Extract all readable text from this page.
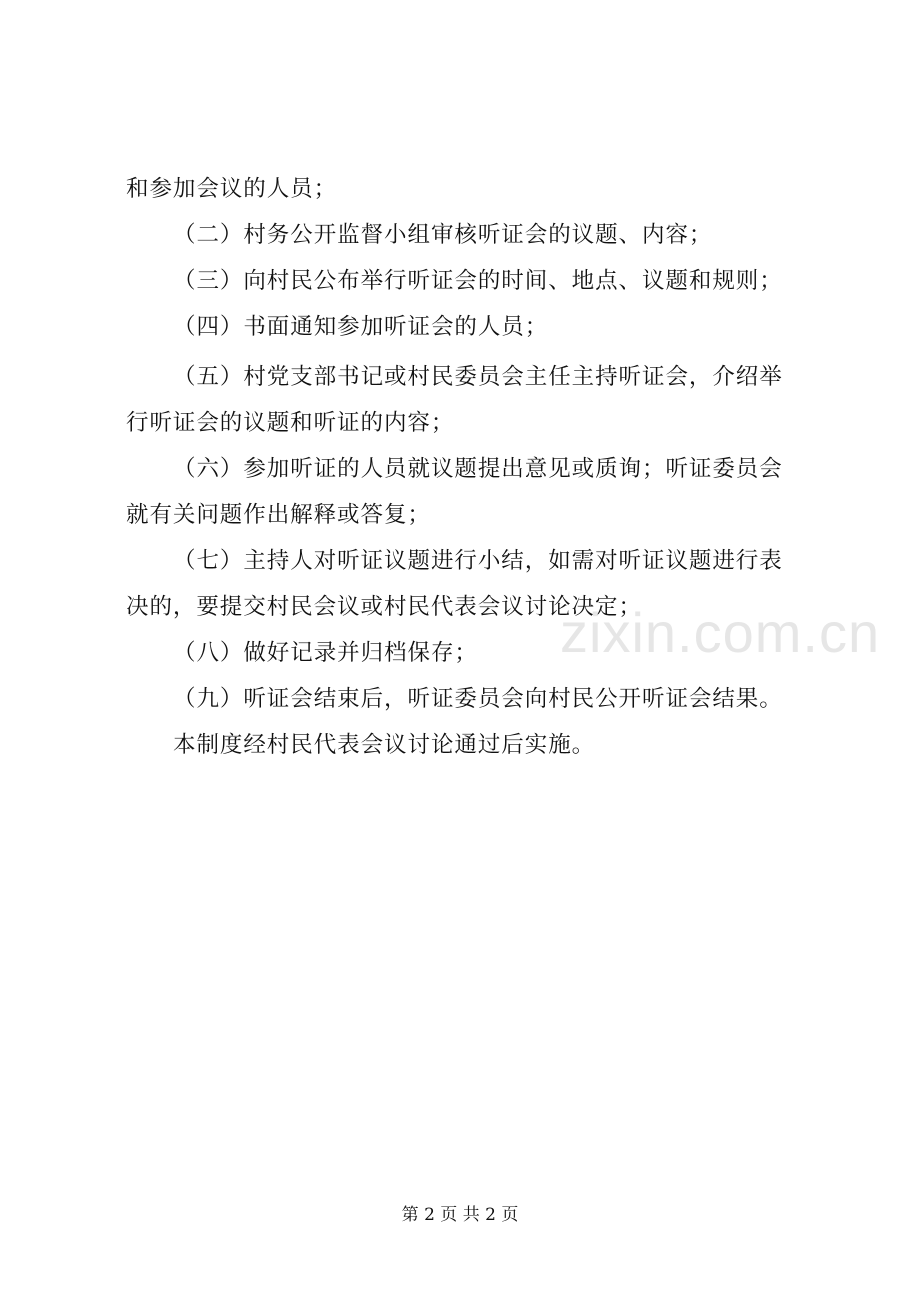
和参加会议的人员；
（二）村务公开监督小组审核听证会的议题、内容；
（三）向村民公布举行听证会的时间、地点、议题和规则；
（四）书面通知参加听证会的人员；
（五）村党支部书记或村民委员会主任主持听证会，介绍举
行听证会的议题和听证的内容；
（六）参加听证的人员就议题提出意见或质询；听证委员会
就有关问题作出解释或答复；
（七）主持人对听证议题进行小结，如需对听证议题进行表
决的，要提交村民会议或村民代表会议讨论决定；
（八）做好记录并归档保存；
（九）听证会结束后，听证委员会向村民公开听证会结果。
本制度经村民代表会议讨论通过后实施。
zixin.com.cn
第 2 页 共 2 页
